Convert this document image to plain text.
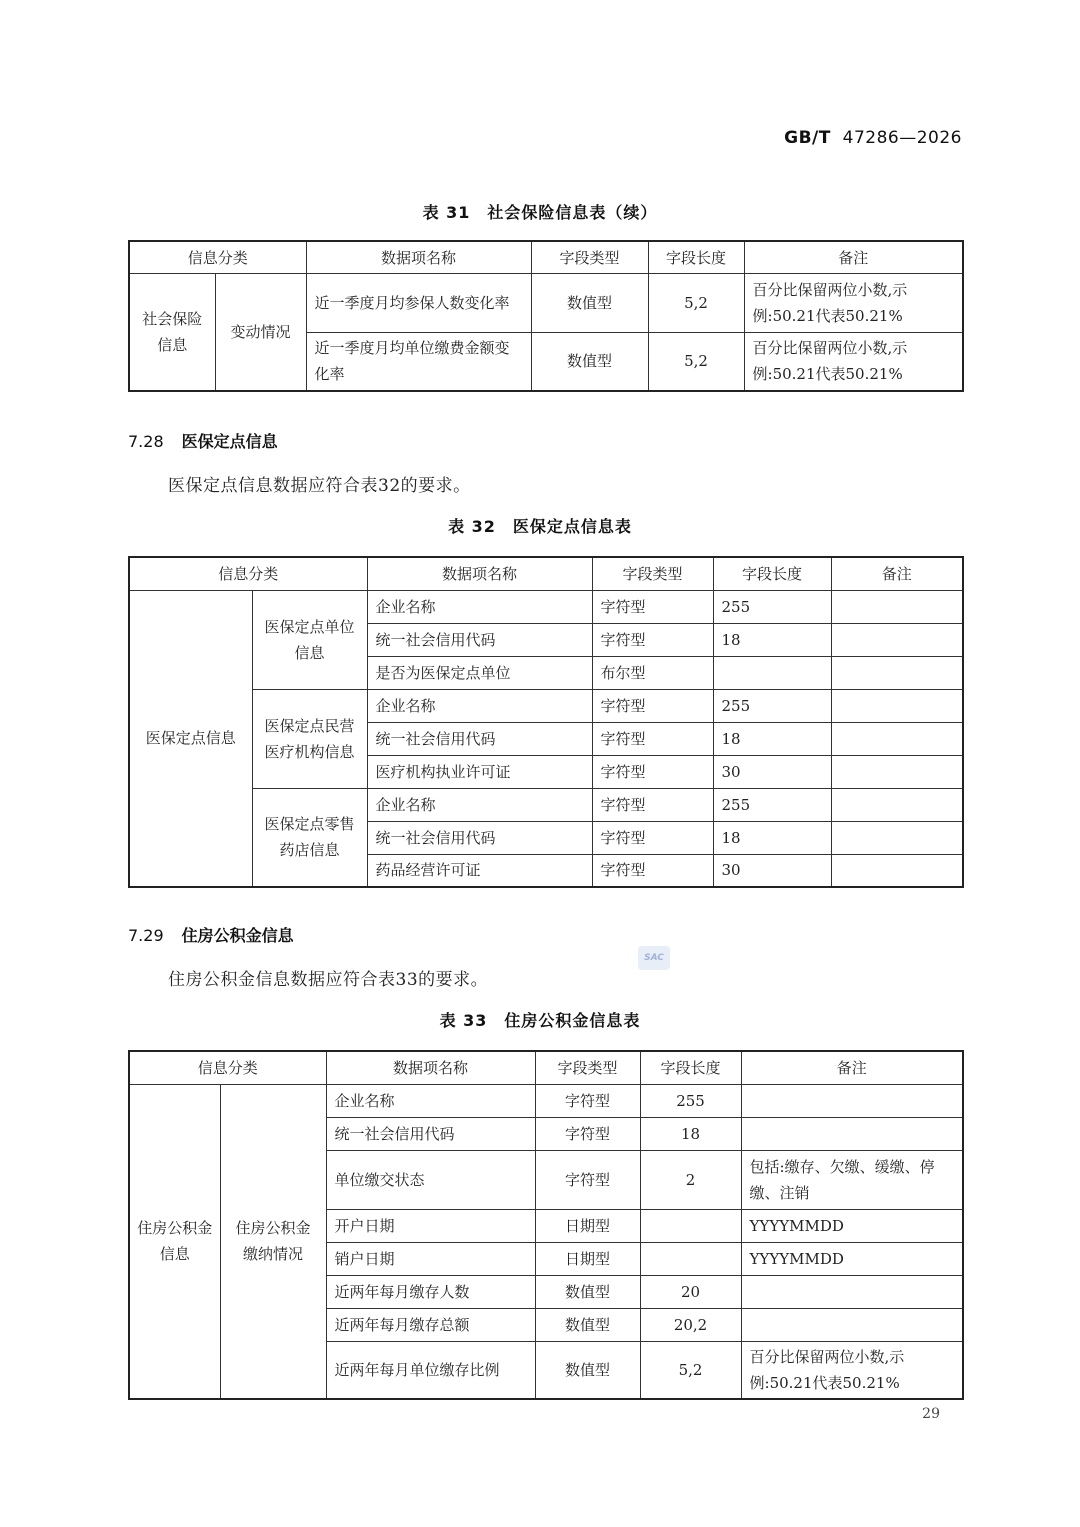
GB/T 47286—2026
表 31　社会保险信息表（续）
信息分类		数据项名称	字段类型	字段长度	备注
社会保险信息	变动情况	近一季度月均参保人数变化率	数值型	5,2	百分比保留两位小数,示例:50.21代表50.21%
		近一季度月均单位缴费金额变化率	数值型	5,2	百分比保留两位小数,示例:50.21代表50.21%
7.28 医保定点信息
医保定点信息数据应符合表32的要求。
表 32　医保定点信息表
信息分类		数据项名称	字段类型	字段长度	备注
医保定点信息	医保定点单位信息	企业名称	字符型	255	
		统一社会信用代码	字符型	18	
		是否为医保定点单位	布尔型		
	医保定点民营医疗机构信息	企业名称	字符型	255	
		统一社会信用代码	字符型	18	
		医疗机构执业许可证	字符型	30	
	医保定点零售药店信息	企业名称	字符型	255	
		统一社会信用代码	字符型	18	
		药品经营许可证	字符型	30	
7.29 住房公积金信息
住房公积金信息数据应符合表33的要求。
SAC
表 33　住房公积金信息表
信息分类		数据项名称	字段类型	字段长度	备注
住房公积金信息	住房公积金缴纳情况	企业名称	字符型	255	
		统一社会信用代码	字符型	18	
		单位缴交状态	字符型	2	包括:缴存、欠缴、缓缴、停缴、注销
		开户日期	日期型		YYYYMMDD
		销户日期	日期型		YYYYMMDD
		近两年每月缴存人数	数值型	20	
		近两年每月缴存总额	数值型	20,2	
		近两年每月单位缴存比例	数值型	5,2	百分比保留两位小数,示例:50.21代表50.21%
29
